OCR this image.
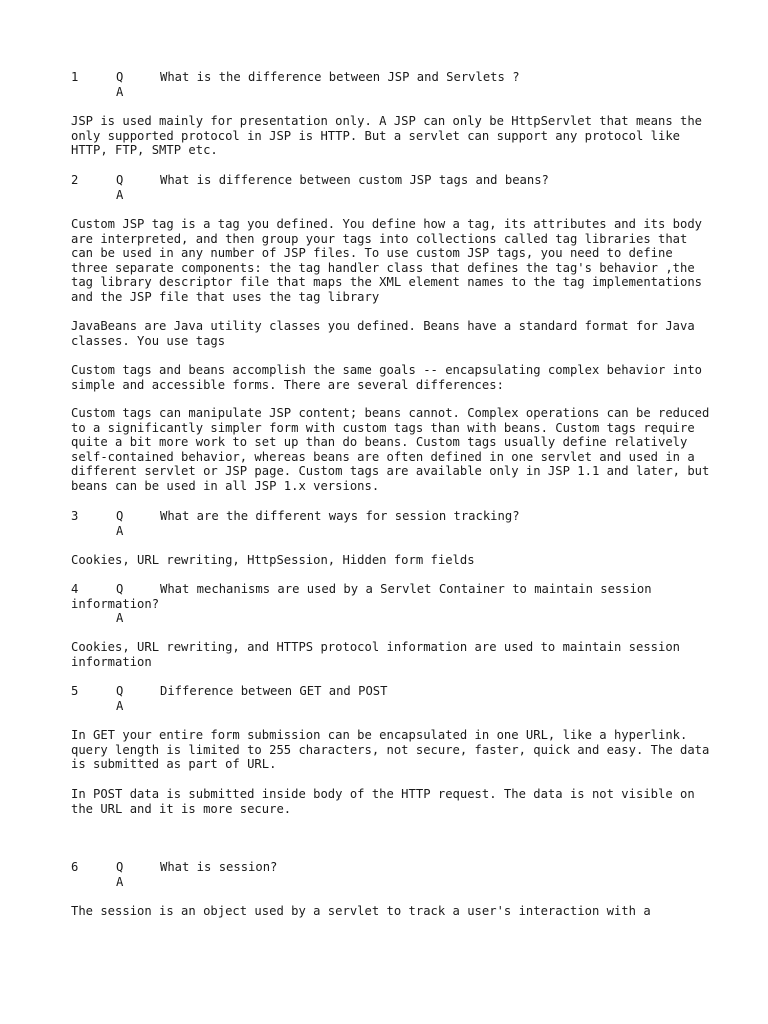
1

	Q

	What is the difference between JSP and Servlets ?

A

JSP is used mainly for presentation only. A JSP can only be HttpServlet that means the only supported protocol in JSP is HTTP. But a servlet can support any protocol like HTTP, FTP, SMTP etc.

2

	Q

	What is difference between custom JSP tags and beans?

A

Custom JSP tag is a tag you defined. You define how a tag, its attributes and its body are interpreted, and then group your tags into collections called tag libraries that can be used in any number of JSP files. To use custom JSP tags, you need to define three separate components: the tag handler class that defines the tag's behavior ,the tag library descriptor file that maps the XML element names to the tag implementations and the JSP file that uses the tag library

JavaBeans are Java utility classes you defined. Beans have a standard format for Java classes. You use tags

Custom tags and beans accomplish the same goals -- encapsulating complex behavior into simple and accessible forms. There are several differences:

Custom tags can manipulate JSP content; beans cannot. Complex operations can be reduced to a significantly simpler form with custom tags than with beans. Custom tags require quite a bit more work to set up than do beans. Custom tags usually define relatively self-contained behavior, whereas beans are often defined in one servlet and used in a different servlet or JSP page. Custom tags are available only in JSP 1.1 and later, but beans can be used in all JSP 1.x versions.

3

	Q

	What are the different ways for session tracking?

A

Cookies, URL rewriting, HttpSession, Hidden form fields

4

	Q

	What mechanisms are used by a Servlet Container to maintain session information?

A

Cookies, URL rewriting, and HTTPS protocol information are used to maintain session information

5

	Q

	Difference between GET and POST

A

In GET your entire form submission can be encapsulated in one URL, like a hyperlink. query length is limited to 255 characters, not secure, faster, quick and easy. The data is submitted as part of URL.

In POST data is submitted inside body of the HTTP request. The data is not visible on the URL and it is more secure.

6

	Q

	What is session?

A

The session is an object used by a servlet to track a user's interaction with a
